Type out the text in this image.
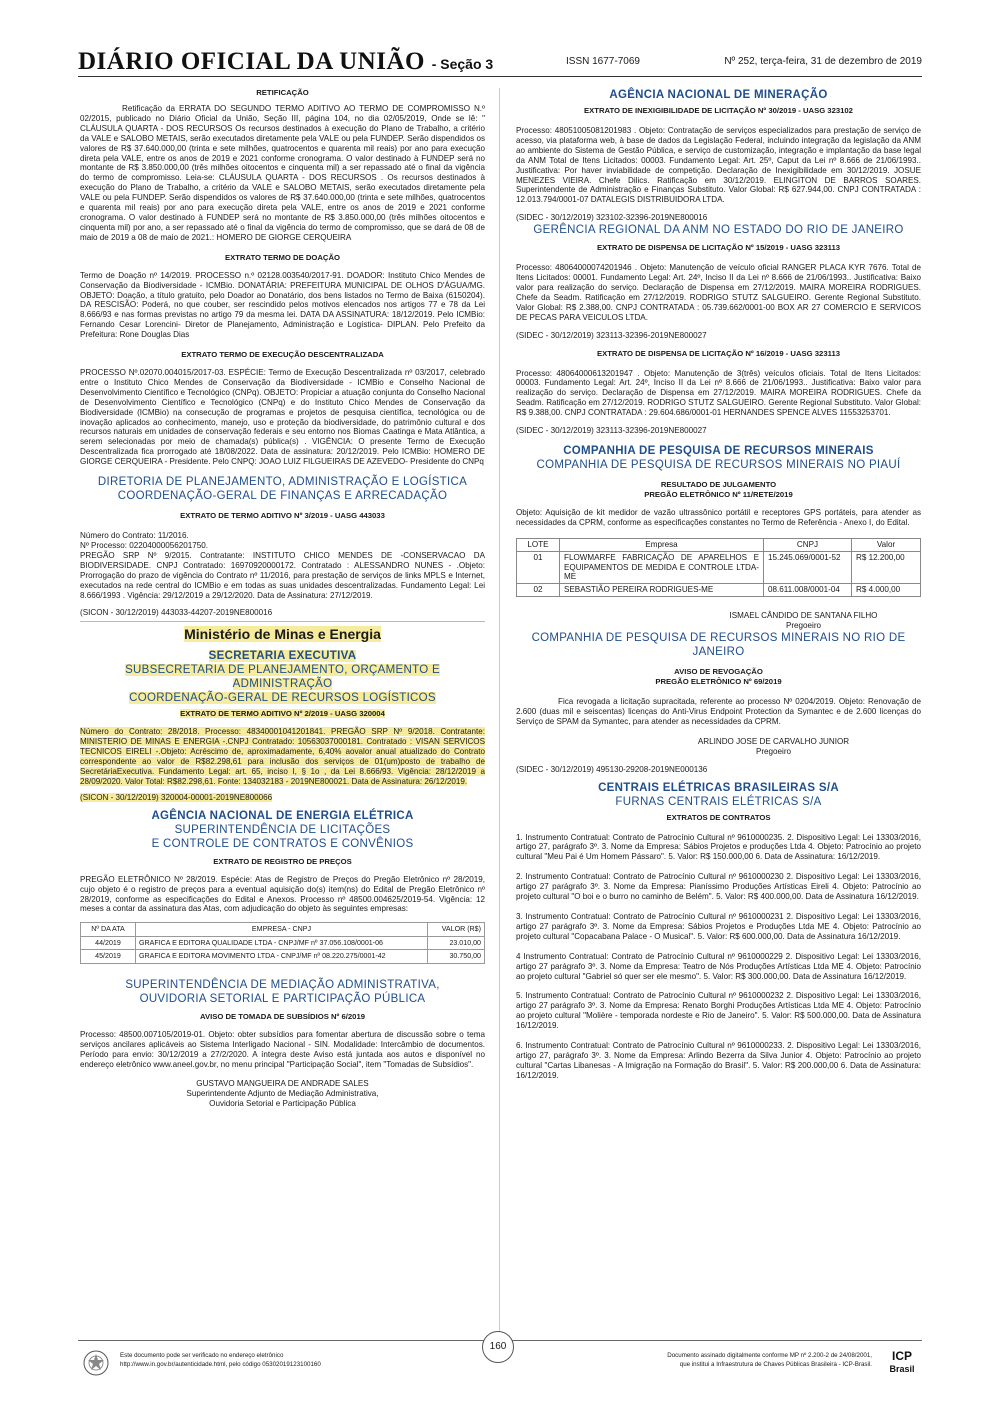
DIÁRIO OFICIAL DA UNIÃO - Seção 3	ISSN 1677-7069	Nº 252, terça-feira, 31 de dezembro de 2019
RETIFICAÇÃO

Retificação da ERRATA DO SEGUNDO TERMO ADITIVO AO TERMO DE COMPROMISSO N.º 02/2015, publicado no Diário Oficial da União, Seção III, página 104, no dia 02/05/2019, Onde se lê: " CLÁUSULA QUARTA - DOS RECURSOS Os recursos destinados à execução do Plano de Trabalho, a critério da VALE e SALOBO METAIS, serão executados diretamente pela VALE ou pela FUNDEP. Serão dispendidos os valores de R$ 37.640.000,00 (trinta e sete milhões, quatrocentos e quarenta mil reais) por ano para execução direta pela VALE, entre os anos de 2019 e 2021 conforme cronograma. O valor destinado à FUNDEP será no montante de R$ 3.850.000,00 (três milhões oitocentos e cinquenta mil) a ser repassado até o final da vigência do termo de compromisso. Leia-se: CLÁUSULA QUARTA - DOS RECURSOS . Os recursos destinados à execução do Plano de Trabalho, a critério da VALE e SALOBO METAIS, serão executados diretamente pela VALE ou pela FUNDEP. Serão dispendidos os valores de R$ 37.640.000,00 (trinta e sete milhões, quatrocentos e quarenta mil reais) por ano para execução direta pela VALE, entre os anos de 2019 e 2021 conforme cronograma. O valor destinado à FUNDEP será no montante de R$ 3.850.000,00 (três milhões oitocentos e cinquenta mil) por ano, a ser repassado até o final da vigência do termo de compromisso, que se dará de 08 de maio de 2019 a 08 de maio de 2021.: HOMERO DE GIORGE CERQUEIRA

EXTRATO TERMO DE DOAÇÃO

Termo de Doação nº 14/2019. PROCESSO n.º 02128.003540/2017-91. DOADOR: Instituto Chico Mendes de Conservação da Biodiversidade - ICMBio. DONATÁRIA: PREFEITURA MUNICIPAL DE OLHOS D'ÁGUA/MG. OBJETO: Doação, a título gratuito, pelo Doador ao Donatário, dos bens listados no Termo de Baixa (6150204). DA RESCISÃO: Poderá, no que couber, ser rescindido pelos motivos elencados nos artigos 77 e 78 da Lei 8.666/93 e nas formas previstas no artigo 79 da mesma lei. DATA DA ASSINATURA: 18/12/2019. Pelo ICMBio: Fernando Cesar Lorencini- Diretor de Planejamento, Administração e Logística- DIPLAN. Pelo Prefeito da Prefeitura: Rone Douglas Dias

EXTRATO TERMO DE EXECUÇÃO DESCENTRALIZADA

PROCESSO Nº.02070.004015/2017-03. ESPÉCIE: Termo de Execução Descentralizada nº 03/2017, celebrado entre o Instituto Chico Mendes de Conservação da Biodiversidade - ICMBio e Conselho Nacional de Desenvolvimento Científico e Tecnológico (CNPq). OBJETO: Propiciar a atuação conjunta do Conselho Nacional de Desenvolvimento Científico e Tecnológico (CNPq) e do Instituto Chico Mendes de Conservação da Biodiversidade (ICMBio) na consecução de programas e projetos de pesquisa científica, tecnológica ou de inovação aplicados ao conhecimento, manejo, uso e proteção da biodiversidade, do patrimônio cultural e dos recursos naturais em unidades de conservação federais e seu entorno nos Biomas Caatinga e Mata Atlântica, a serem selecionadas por meio de chamada(s) pública(s) . VIGÊNCIA: O presente Termo de Execução Descentralizada fica prorrogado até 18/08/2022. Data de assinatura: 20/12/2019. Pelo ICMBio: HOMERO DE GIORGE CERQUEIRA - Presidente. Pelo CNPQ: JOAO LUIZ FILGUEIRAS DE AZEVEDO- Presidente do CNPq

DIRETORIA DE PLANEJAMENTO, ADMINISTRAÇÃO E LOGÍSTICA
COORDENAÇÃO-GERAL DE FINANÇAS E ARRECADAÇÃO
EXTRATO DE TERMO ADITIVO Nº 3/2019 - UASG 443033

Número do Contrato: 11/2016.
Nº Processo: 02204000056201750.
PREGÃO SRP Nº 9/2015. Contratante: INSTITUTO CHICO MENDES DE -CONSERVACAO DA BIODIVERSIDADE. CNPJ Contratado: 16970920000172. Contratado : ALESSANDRO NUNES - .Objeto: Prorrogação do prazo de vigência do Contrato nº 11/2016, para prestação de serviços de links MPLS e Internet, executados na rede central do ICMBio e em todas as suas unidades descentralizadas. Fundamento Legal: Lei 8.666/1993 . Vigência: 29/12/2019 a 29/12/2020. Data de Assinatura: 27/12/2019.

(SICON - 30/12/2019) 443033-44207-2019NE800016

Ministério de Minas e Energia
SECRETARIA EXECUTIVA
SUBSECRETARIA DE PLANEJAMENTO, ORÇAMENTO E ADMINISTRAÇÃO
COORDENAÇÃO-GERAL DE RECURSOS LOGÍSTICOS
EXTRATO DE TERMO ADITIVO Nº 2/2019 - UASG 320004

Número do Contrato: 28/2018. Processo: 48340001041201841. PREGÃO SRP Nº 9/2018. Contratante: MINISTERIO DE MINAS E ENERGIA -.CNPJ Contratado: 10563037000181. Contratado : VISAN SERVICOS TECNICOS EIRELI -.Objeto: Acréscimo de, aproximadamente, 6,40% aovalor anual atualizado do Contrato correspondente ao valor de R$82.298,61 para inclusão dos serviços de 01(um)posto de trabalho de SecretáriaExecutiva. Fundamento Legal: art. 65, inciso I, § 1o , da Lei 8.666/93. Vigência: 28/12/2019 a 28/09/2020. Valor Total: R$82.298,61. Fonte: 134032183 - 2019NE800021. Data de Assinatura: 26/12/2019.

(SICON - 30/12/2019) 320004-00001-2019NE800066

AGÊNCIA NACIONAL DE ENERGIA ELÉTRICA
SUPERINTENDÊNCIA DE LICITAÇÕES
E CONTROLE DE CONTRATOS E CONVÊNIOS
EXTRATO DE REGISTRO DE PREÇOS

PREGÃO ELETRÔNICO Nº 28/2019. Espécie: Atas de Registro de Preços do Pregão Eletrônico nº 28/2019, cujo objeto é o registro de preços para a eventual aquisição do(s) item(ns) do Edital de Pregão Eletrônico nº 28/2019, conforme as especificações do Edital e Anexos. Processo nº 48500.004625/2019-54. Vigência: 12 meses a contar da assinatura das Atas, com adjudicação do objeto às seguintes empresas:

Nº DA ATA	EMPRESA - CNPJ	VALOR (R$)
44/2019	GRAFICA E EDITORA QUALIDADE LTDA - CNPJ/MF nº 37.056.108/0001-06	23.010,00
45/2019	GRAFICA E EDITORA MOVIMENTO LTDA - CNPJ/MF nº 08.220.275/0001-42	30.750,00
SUPERINTENDÊNCIA DE MEDIAÇÃO ADMINISTRATIVA,
OUVIDORIA SETORIAL E PARTICIPAÇÃO PÚBLICA
AVISO DE TOMADA DE SUBSÍDIOS Nº 6/2019

Processo: 48500.007105/2019-01. Objeto: obter subsídios para fomentar abertura de discussão sobre o tema serviços ancilares aplicáveis ao Sistema Interligado Nacional - SIN. Modalidade: Intercâmbio de documentos. Período para envio: 30/12/2019 a 27/2/2020. A íntegra deste Aviso está juntada aos autos e disponível no endereço eletrônico www.aneel.gov.br, no menu principal "Participação Social", item "Tomadas de Subsídios".

GUSTAVO MANGUEIRA DE ANDRADE SALES
Superintendente Adjunto de Mediação Administrativa,
Ouvidoria Setorial e Participação Pública
AGÊNCIA NACIONAL DE MINERAÇÃO
EXTRATO DE INEXIGIBILIDADE DE LICITAÇÃO Nº 30/2019 - UASG 323102

Processo: 48051005081201983 . Objeto: Contratação de serviços especializados para prestação de serviço de acesso, via plataforma web, à base de dados da Legislação Federal, incluindo integração da legislação da ANM ao ambiente do Sistema de Gestão Pública, e serviço de customização, integração e implantação da base legal da ANM Total de Itens Licitados: 00003. Fundamento Legal: Art. 25º, Caput da Lei nº 8.666 de 21/06/1993.. Justificativa: Por haver inviabilidade de competição. Declaração de Inexigibilidade em 30/12/2019. JOSUE MENEZES VIEIRA. Chefe Dilics. Ratificação em 30/12/2019. ELINGITON DE BARROS SOARES. Superintendente de Administração e Finanças Substituto. Valor Global: R$ 627.944,00. CNPJ CONTRATADA : 12.013.794/0001-07 DATALEGIS DISTRIBUIDORA LTDA.

(SIDEC - 30/12/2019) 323102-32396-2019NE800016

GERÊNCIA REGIONAL DA ANM NO ESTADO DO RIO DE JANEIRO
EXTRATO DE DISPENSA DE LICITAÇÃO Nº 15/2019 - UASG 323113

Processo: 48064000074201946 . Objeto: Manutenção de veículo oficial RANGER PLACA KYR 7676. Total de Itens Licitados: 00001. Fundamento Legal: Art. 24º, Inciso II da Lei nº 8.666 de 21/06/1993.. Justificativa: Baixo valor para realização do serviço. Declaração de Dispensa em 27/12/2019. MAIRA MOREIRA RODRIGUES. Chefe da Seadm. Ratificação em 27/12/2019. RODRIGO STUTZ SALGUEIRO. Gerente Regional Substituto. Valor Global: R$ 2.388,00. CNPJ CONTRATADA : 05.739.662/0001-00 BOX AR 27 COMERCIO E SERVICOS DE PECAS PARA VEICULOS LTDA.

(SIDEC - 30/12/2019) 323113-32396-2019NE800027

EXTRATO DE DISPENSA DE LICITAÇÃO Nº 16/2019 - UASG 323113

Processo: 48064000613201947 . Objeto: Manutenção de 3(três) veículos oficiais. Total de Itens Licitados: 00003. Fundamento Legal: Art. 24º, Inciso II da Lei nº 8.666 de 21/06/1993.. Justificativa: Baixo valor para realização do serviço. Declaração de Dispensa em 27/12/2019. MAIRA MOREIRA RODRIGUES. Chefe da Seadm. Ratificação em 27/12/2019. RODRIGO STUTZ SALGUEIRO. Gerente Regional Substituto. Valor Global: R$ 9.388,00. CNPJ CONTRATADA : 29.604.686/0001-01 HERNANDES SPENCE ALVES 11553253701.

(SIDEC - 30/12/2019) 323113-32396-2019NE800027

COMPANHIA DE PESQUISA DE RECURSOS MINERAIS
COMPANHIA DE PESQUISA DE RECURSOS MINERAIS NO PIAUÍ
RESULTADO DE JULGAMENTO
PREGÃO ELETRÔNICO Nº 11/RETE/2019

Objeto: Aquisição de kit medidor de vazão ultrassônico portátil e receptores GPS portáteis, para atender as necessidades da CPRM, conforme as especificações constantes no Termo de Referência - Anexo I, do Edital.

LOTE	Empresa	CNPJ	Valor
01	FLOWMARFE FABRICAÇÃO DE APARELHOS E EQUIPAMENTOS DE MEDIDA E CONTROLE LTDA-ME	15.245.069/0001-52	R$ 12.200,00
02	SEBASTIÃO PEREIRA RODRIGUES-ME	08.611.008/0001-04	R$ 4.000,00
ISMAEL CÂNDIDO DE SANTANA FILHO
Pregoeiro
COMPANHIA DE PESQUISA DE RECURSOS MINERAIS NO RIO DE JANEIRO
AVISO DE REVOGAÇÃO
PREGÃO ELETRÔNICO Nº 69/2019

Fica revogada a licitação supracitada, referente ao processo Nº 0204/2019. Objeto: Renovação de 2.600 (duas mil e seiscentas) licenças do Anti-Virus Endpoint Protection da Symantec e de 2.600 licenças do Serviço de SPAM da Symantec, para atender as necessidades da CPRM.

ARLINDO JOSE DE CARVALHO JUNIOR
Pregoeiro

(SIDEC - 30/12/2019) 495130-29208-2019NE000136

CENTRAIS ELÉTRICAS BRASILEIRAS S/A
FURNAS CENTRAIS ELÉTRICAS S/A
EXTRATOS DE CONTRATOS

1. Instrumento Contratual: Contrato de Patrocínio Cultural nº 9610000235. 2. Dispositivo Legal: Lei 13303/2016, artigo 27, parágrafo 3º. 3. Nome da Empresa: Sábios Projetos e produções Ltda 4. Objeto: Patrocínio ao projeto cultural "Meu Pai é Um Homem Pássaro". 5. Valor: R$ 150.000,00 6. Data de Assinatura: 16/12/2019.

2. Instrumento Contratual: Contrato de Patrocínio Cultural nº 9610000230 2. Dispositivo Legal: Lei 13303/2016, artigo 27 parágrafo 3º. 3. Nome da Empresa: Pianíssimo Produções Artísticas Eireli 4. Objeto: Patrocínio ao projeto cultural "O boi e o burro no caminho de Belém". 5. Valor: R$ 400.000,00. Data de Assinatura 16/12/2019.

3. Instrumento Contratual: Contrato de Patrocínio Cultural nº 9610000231 2. Dispositivo Legal: Lei 13303/2016, artigo 27 parágrafo 3º. 3. Nome da Empresa: Sábios Projetos e Produções Ltda ME 4. Objeto: Patrocínio ao projeto cultural "Copacabana Palace - O Musical". 5. Valor: R$ 600.000,00. Data de Assinatura 16/12/2019.

4 Instrumento Contratual: Contrato de Patrocínio Cultural nº 9610000229 2. Dispositivo Legal: Lei 13303/2016, artigo 27 parágrafo 3º. 3. Nome da Empresa: Teatro de Nós Produções Artísticas Ltda ME 4. Objeto: Patrocínio ao projeto cultural "Gabriel só quer ser ele mesmo". 5. Valor: R$ 300.000,00. Data de Assinatura 16/12/2019.

5. Instrumento Contratual: Contrato de Patrocínio Cultural nº 9610000232 2. Dispositivo Legal: Lei 13303/2016, artigo 27 parágrafo 3º. 3. Nome da Empresa: Renato Borghi Produções Artísticas Ltda ME 4. Objeto: Patrocínio ao projeto cultural "Molière - temporada nordeste e Rio de Janeiro". 5. Valor: R$ 500.000,00. Data de Assinatura 16/12/2019.

6. Instrumento Contratual: Contrato de Patrocínio Cultural nº 9610000233. 2. Dispositivo Legal: Lei 13303/2016, artigo 27, parágrafo 3º. 3. Nome da Empresa: Arlindo Bezerra da Silva Junior 4. Objeto: Patrocínio ao projeto cultural "Cartas Libanesas - A Imigração na Formação do Brasil". 5. Valor: R$ 200.000,00 6. Data de Assinatura: 16/12/2019.

Este documento pode ser verificado no endereço eletrônico
http://www.in.gov.br/autenticidade.html, pelo código 05302019123100160
160
Documento assinado digitalmente conforme MP nº 2.200-2 de 24/08/2001,
que institui a Infraestrutura de Chaves Públicas Brasileira - ICP-Brasil.
ICP
Brasil
